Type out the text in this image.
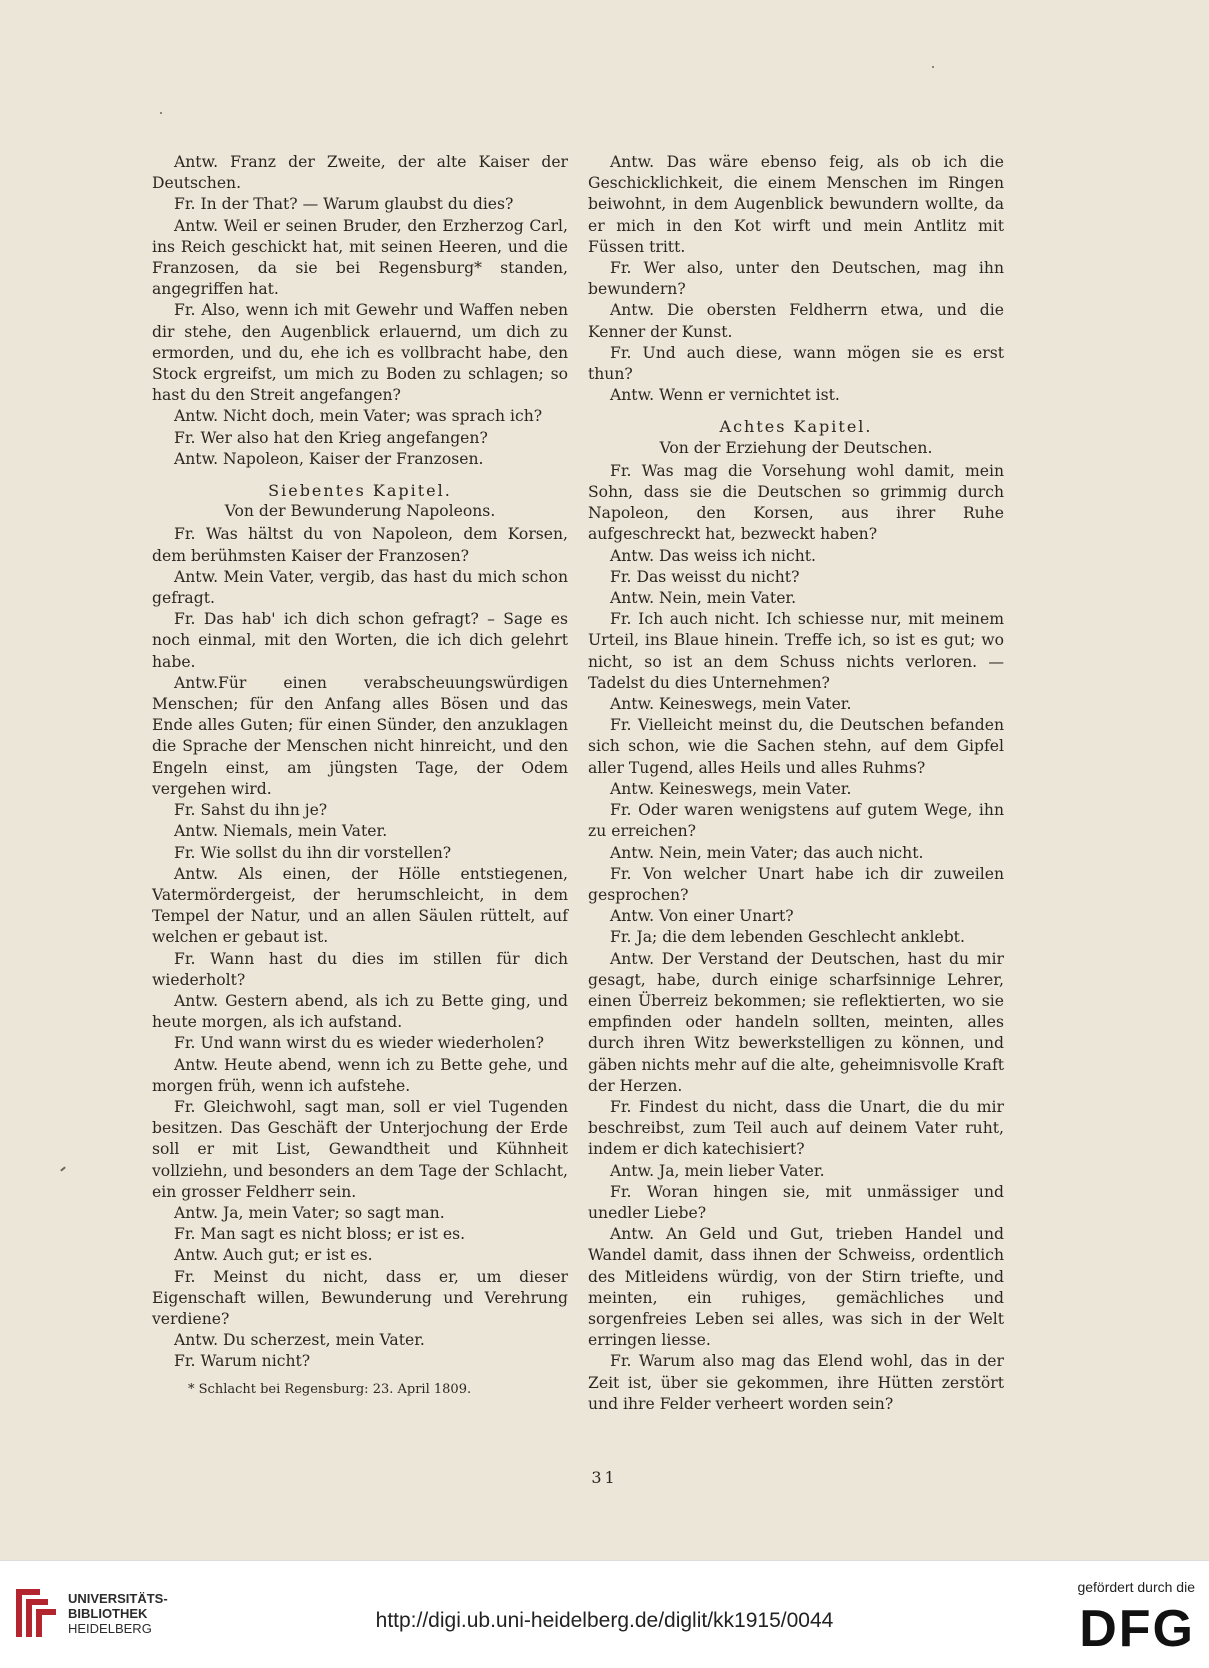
Antw. Franz der Zweite, der alte Kaiser der Deutschen.

Fr. In der That? — Warum glaubst du dies?

Antw. Weil er seinen Bruder, den Erzherzog Carl, ins Reich geschickt hat, mit seinen Heeren, und die Franzosen, da sie bei Regensburg* standen, angegriffen hat.

Fr. Also, wenn ich mit Gewehr und Waffen neben dir stehe, den Augenblick erlauernd, um dich zu ermorden, und du, ehe ich es vollbracht habe, den Stock ergreifst, um mich zu Boden zu schlagen; so hast du den Streit angefangen?

Antw. Nicht doch, mein Vater; was sprach ich?

Fr. Wer also hat den Krieg angefangen?

Antw. Napoleon, Kaiser der Franzosen.

Siebentes Kapitel.
Von der Bewunderung Napoleons.

Fr. Was hältst du von Napoleon, dem Korsen, dem berühmsten Kaiser der Franzosen?

Antw. Mein Vater, vergib, das hast du mich schon gefragt.

Fr. Das hab' ich dich schon gefragt? – Sage es noch einmal, mit den Worten, die ich dich gelehrt habe.

Antw.Für einen verabscheuungswürdigen Menschen; für den Anfang alles Bösen und das Ende alles Guten; für einen Sünder, den anzuklagen die Sprache der Menschen nicht hinreicht, und den Engeln einst, am jüngsten Tage, der Odem vergehen wird.

Fr. Sahst du ihn je?

Antw. Niemals, mein Vater.

Fr. Wie sollst du ihn dir vorstellen?

Antw. Als einen, der Hölle entstiegenen, Vatermördergeist, der herumschleicht, in dem Tempel der Natur, und an allen Säulen rüttelt, auf welchen er gebaut ist.

Fr. Wann hast du dies im stillen für dich wiederholt?

Antw. Gestern abend, als ich zu Bette ging, und heute morgen, als ich aufstand.

Fr. Und wann wirst du es wieder wiederholen?

Antw. Heute abend, wenn ich zu Bette gehe, und morgen früh, wenn ich aufstehe.

Fr. Gleichwohl, sagt man, soll er viel Tugenden besitzen. Das Geschäft der Unterjochung der Erde soll er mit List, Gewandtheit und Kühnheit vollziehn, und besonders an dem Tage der Schlacht, ein grosser Feldherr sein.

Antw. Ja, mein Vater; so sagt man.

Fr. Man sagt es nicht bloss; er ist es.

Antw. Auch gut; er ist es.

Fr. Meinst du nicht, dass er, um dieser Eigenschaft willen, Bewunderung und Verehrung verdiene?

Antw. Du scherzest, mein Vater.

Fr. Warum nicht?

* Schlacht bei Regensburg: 23. April 1809.

Antw. Das wäre ebenso feig, als ob ich die Geschicklichkeit, die einem Menschen im Ringen beiwohnt, in dem Augenblick bewundern wollte, da er mich in den Kot wirft und mein Antlitz mit Füssen tritt.

Fr. Wer also, unter den Deutschen, mag ihn bewundern?

Antw. Die obersten Feldherrn etwa, und die Kenner der Kunst.

Fr. Und auch diese, wann mögen sie es erst thun?

Antw. Wenn er vernichtet ist.

Achtes Kapitel.
Von der Erziehung der Deutschen.

Fr. Was mag die Vorsehung wohl damit, mein Sohn, dass sie die Deutschen so grimmig durch Napoleon, den Korsen, aus ihrer Ruhe aufgeschreckt hat, bezweckt haben?

Antw. Das weiss ich nicht.

Fr. Das weisst du nicht?

Antw. Nein, mein Vater.

Fr. Ich auch nicht. Ich schiesse nur, mit meinem Urteil, ins Blaue hinein. Treffe ich, so ist es gut; wo nicht, so ist an dem Schuss nichts verloren. — Tadelst du dies Unternehmen?

Antw. Keineswegs, mein Vater.

Fr. Vielleicht meinst du, die Deutschen befanden sich schon, wie die Sachen stehn, auf dem Gipfel aller Tugend, alles Heils und alles Ruhms?

Antw. Keineswegs, mein Vater.

Fr. Oder waren wenigstens auf gutem Wege, ihn zu erreichen?

Antw. Nein, mein Vater; das auch nicht.

Fr. Von welcher Unart habe ich dir zuweilen gesprochen?

Antw. Von einer Unart?

Fr. Ja; die dem lebenden Geschlecht anklebt.

Antw. Der Verstand der Deutschen, hast du mir gesagt, habe, durch einige scharfsinnige Lehrer, einen Überreiz bekommen; sie reflektierten, wo sie empfinden oder handeln sollten, meinten, alles durch ihren Witz bewerkstelligen zu können, und gäben nichts mehr auf die alte, geheimnisvolle Kraft der Herzen.

Fr. Findest du nicht, dass die Unart, die du mir beschreibst, zum Teil auch auf deinem Vater ruht, indem er dich katechisiert?

Antw. Ja, mein lieber Vater.

Fr. Woran hingen sie, mit unmässiger und unedler Liebe?

Antw. An Geld und Gut, trieben Handel und Wandel damit, dass ihnen der Schweiss, ordentlich des Mitleidens würdig, von der Stirn triefte, und meinten, ein ruhiges, gemächliches und sorgenfreies Leben sei alles, was sich in der Welt erringen liesse.

Fr. Warum also mag das Elend wohl, das in der Zeit ist, über sie gekommen, ihre Hütten zerstört und ihre Felder verheert worden sein?

31
UNIVERSITÄTS-
BIBLIOTHEK
HEIDELBERG	http://digi.ub.uni-heidelberg.de/diglit/kk1915/0044
gefördert durch die
DFG
